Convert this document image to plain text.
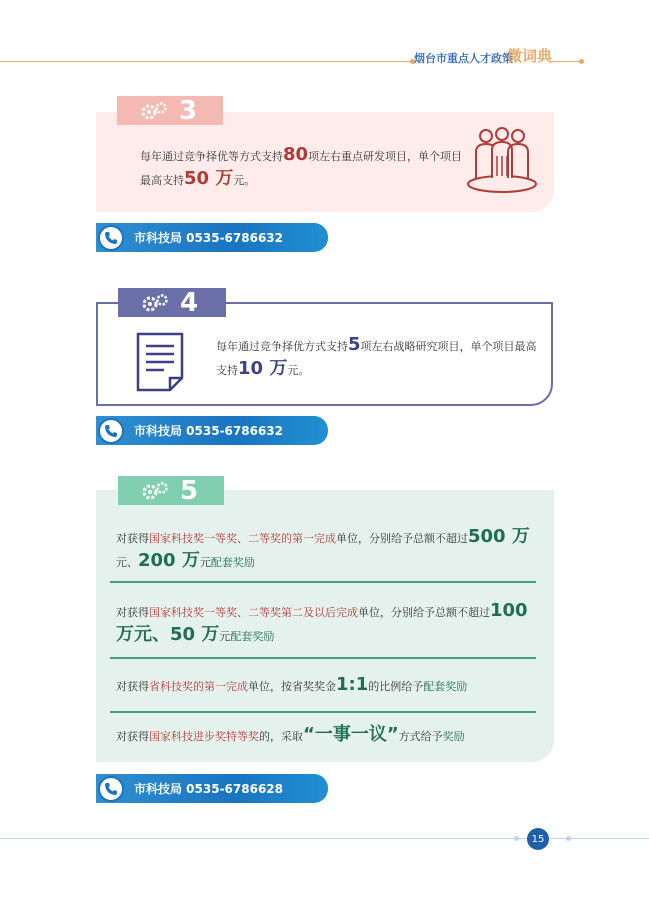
烟台市重点人才政策
微词典
每年通过竞争择优等方式支持80项左右重点研发项目，单个项目最高支持50 万元。
3
市科技局 0535-6786632
每年通过竞争择优方式支持5项左右战略研究项目，单个项目最高支持10 万元。
4
市科技局 0535-6786632
对获得国家科技奖一等奖、二等奖的第一完成单位，分别给予总额不超过500 万元、200 万元配套奖励
对获得国家科技奖一等奖、二等奖第二及以后完成单位，分别给予总额不超过100万元、50 万元配套奖励
对获得省科技奖的第一完成单位，按省奖奖金1:1的比例给予配套奖励
对获得国家科技进步奖特等奖的，采取“一事一议”方式给予奖励
5
市科技局 0535-6786628
15
